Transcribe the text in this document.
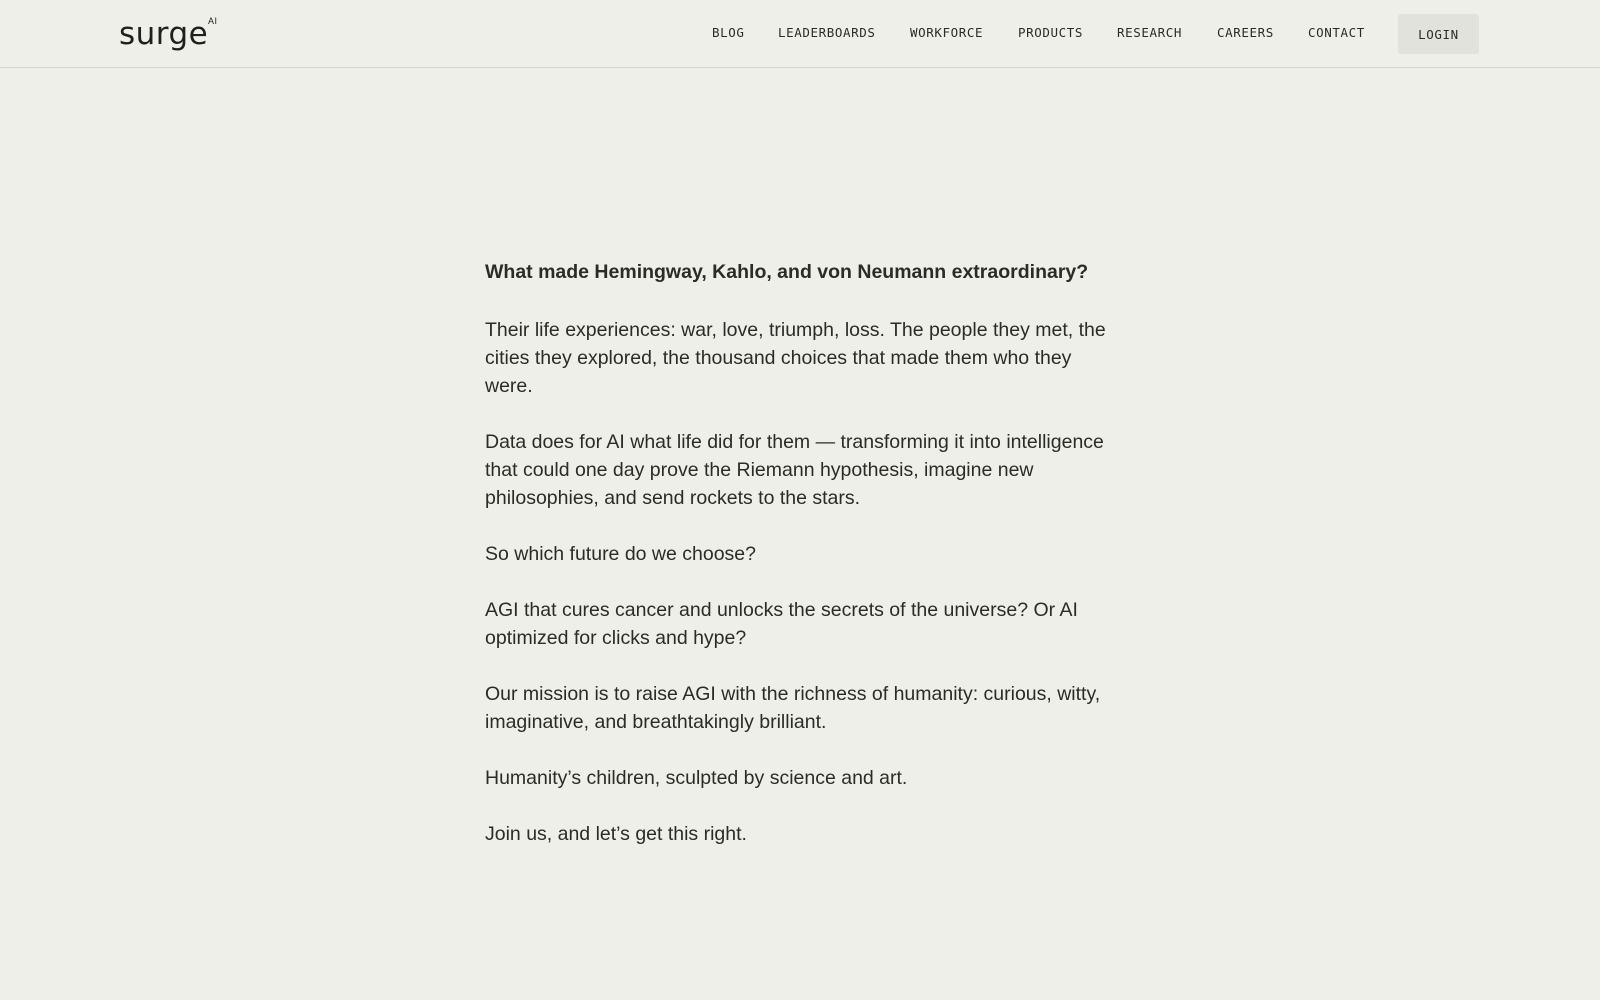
surge AI
BLOG	LEADERBOARDS	WORKFORCE	PRODUCTS	RESEARCH	CAREERS	CONTACT	LOGIN
What made Hemingway, Kahlo, and von Neumann extraordinary?

Their life experiences: war, love, triumph, loss. The people they met, the cities they explored, the thousand choices that made them who they were.

Data does for AI what life did for them — transforming it into intelligence that could one day prove the Riemann hypothesis, imagine new philosophies, and send rockets to the stars.

So which future do we choose?

AGI that cures cancer and unlocks the secrets of the universe? Or AI optimized for clicks and hype?

Our mission is to raise AGI with the richness of humanity: curious, witty, imaginative, and breathtakingly brilliant.

Humanity’s children, sculpted by science and art.

Join us, and let’s get this right.
